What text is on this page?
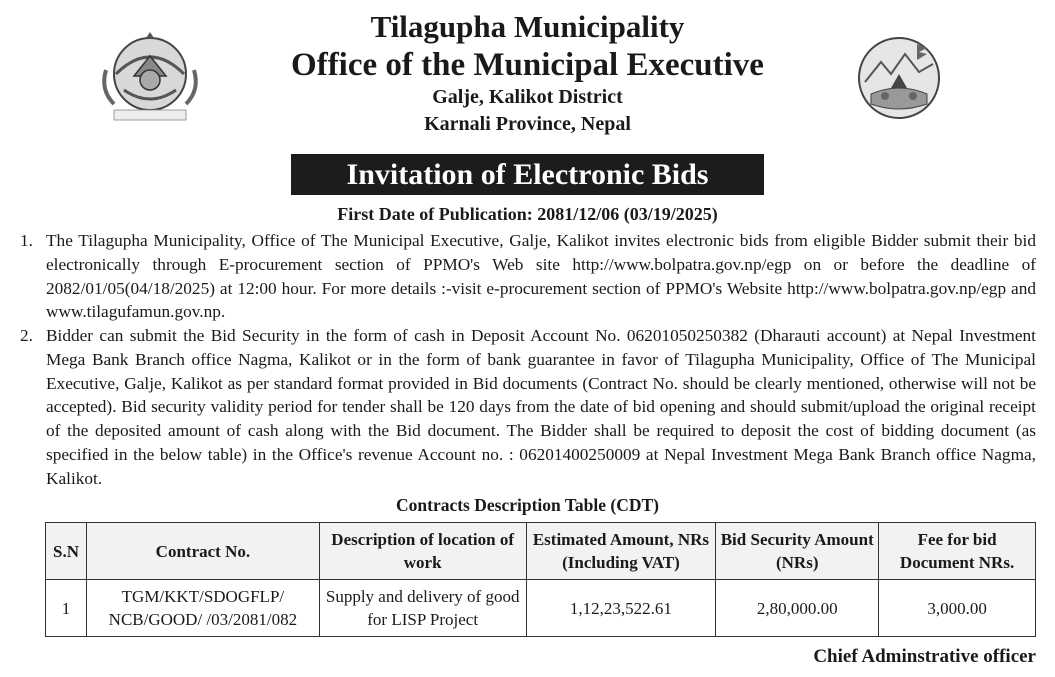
Tilagupha Municipality
Office of the Municipal Executive
Galje, Kalikot District
Karnali Province, Nepal
Invitation of Electronic Bids
First Date of Publication: 2081/12/06 (03/19/2025)
1. The Tilagupha Municipality, Office of The Municipal Executive, Galje, Kalikot invites electronic bids from eligible Bidder submit their bid electronically through E-procurement section of PPMO's Web site http://www.bolpatra.gov.np/egp on or before the deadline of 2082/01/05(04/18/2025) at 12:00 hour. For more details :-visit e-procurement section of PPMO's Website http://www.bolpatra.gov.np/egp and www.tilagufamun.gov.np.
2. Bidder can submit the Bid Security in the form of cash in Deposit Account No. 06201050250382 (Dharauti account) at Nepal Investment Mega Bank Branch office Nagma, Kalikot or in the form of bank guarantee in favor of Tilagupha Municipality, Office of The Municipal Executive, Galje, Kalikot as per standard format provided in Bid documents (Contract No. should be clearly mentioned, otherwise will not be accepted). Bid security validity period for tender shall be 120 days from the date of bid opening and should submit/upload the original receipt of the deposited amount of cash along with the Bid document. The Bidder shall be required to deposit the cost of bidding document (as specified in the below table) in the Office's revenue Account no. : 06201400250009 at Nepal Investment Mega Bank Branch office Nagma, Kalikot.
Contracts Description Table (CDT)
S.N	Contract No.	Description of location of work	Estimated Amount, NRs (Including VAT)	Bid Security Amount (NRs)	Fee for bid Document NRs.
1	TGM/KKT/SDOGFLP/ NCB/GOOD/ /03/2081/082	Supply and delivery of good for LISP Project	1,12,23,522.61	2,80,000.00	3,000.00
Chief Adminstrative officer
